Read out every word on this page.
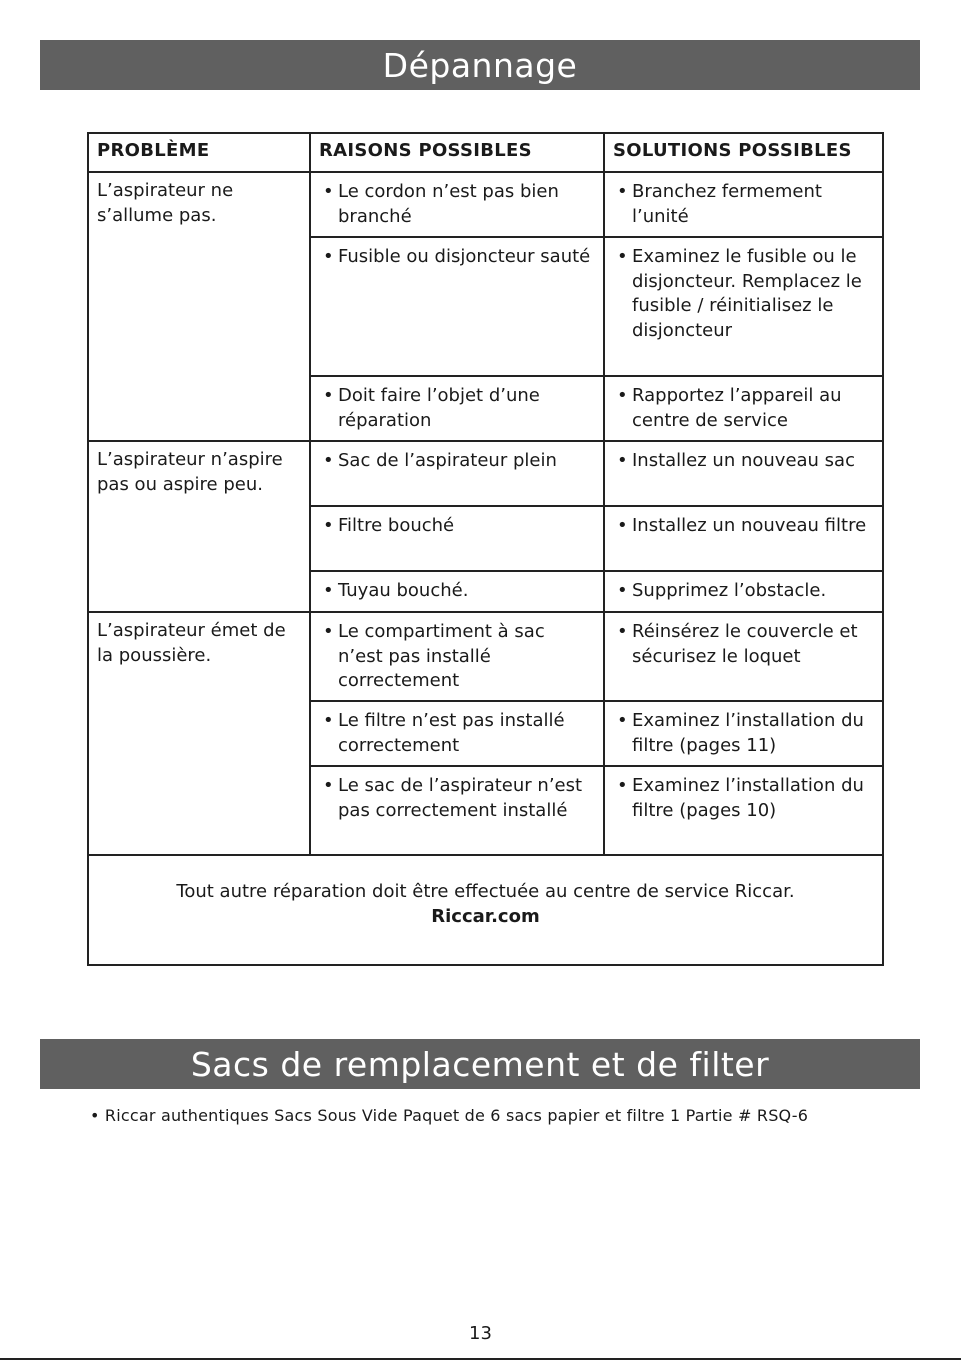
Dépannage
PROBLÈME	RAISONS POSSIBLES	SOLUTIONS POSSIBLES

L’aspirateur ne s’allume pas.	• Le cordon n’est pas bien branché	• Branchez fermement l’unité

	• Fusible ou disjoncteur sauté	• Examinez le fusible ou le disjoncteur. Remplacez le fusible / réinitialisez le disjoncteur

	• Doit faire l’objet d’une réparation	• Rapportez l’appareil au centre de service

L’aspirateur n’aspire pas ou aspire peu.	• Sac de l’aspirateur plein	• Installez un nouveau sac

	• Filtre bouché	• Installez un nouveau filtre

	• Tuyau bouché.	• Supprimez l’obstacle.

L’aspirateur émet de la poussière.	• Le compartiment à sac n’est pas installé correctement	• Réinsérez le couvercle et sécurisez le loquet

	• Le filtre n’est pas installé correctement	• Examinez l’installation du filtre (pages 11)

	• Le sac de l’aspirateur n’est pas correctement installé	• Examinez l’installation du filtre (pages 10)

Tout autre réparation doit être effectuée au centre de service Riccar.
Riccar.com		
Sacs de remplacement et de filter
• Riccar authentiques Sacs Sous Vide Paquet de 6 sacs papier et filtre 1 Partie # RSQ-6
13
